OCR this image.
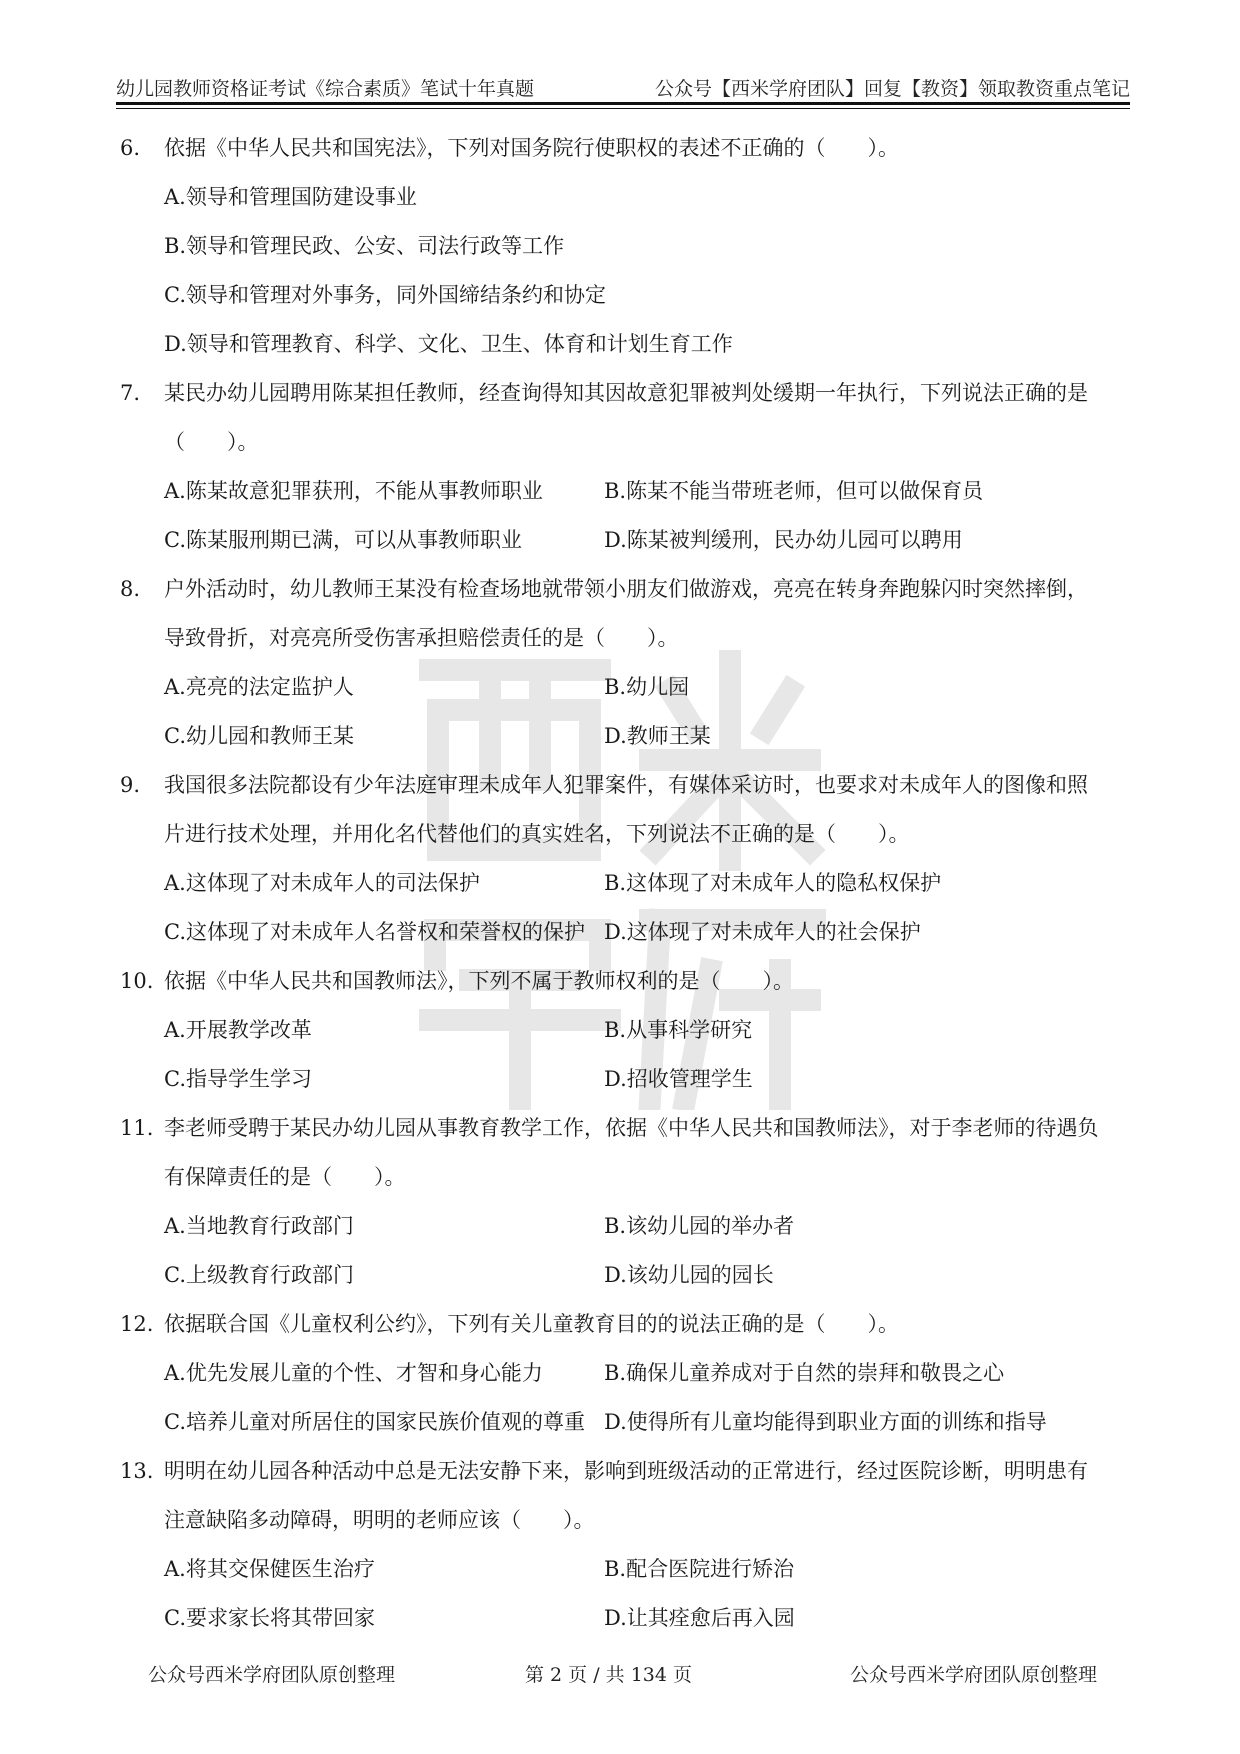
幼儿园教师资格证考试《综合素质》笔试十年真题	公众号【西米学府团队】回复【教资】领取教资重点笔记
6. 依据《中华人民共和国宪法》，下列对国务院行使职权的表述不正确的（　　）。
A.领导和管理国防建设事业
B.领导和管理民政、公安、司法行政等工作
C.领导和管理对外事务，同外国缔结条约和协定
D.领导和管理教育、科学、文化、卫生、体育和计划生育工作
7. 某民办幼儿园聘用陈某担任教师，经查询得知其因故意犯罪被判处缓期一年执行，下列说法正确的是
（　　）。
A.陈某故意犯罪获刑，不能从事教师职业	B.陈某不能当带班老师，但可以做保育员
C.陈某服刑期已满，可以从事教师职业	D.陈某被判缓刑，民办幼儿园可以聘用
8. 户外活动时，幼儿教师王某没有检查场地就带领小朋友们做游戏，亮亮在转身奔跑躲闪时突然摔倒，
导致骨折，对亮亮所受伤害承担赔偿责任的是（　　）。
A.亮亮的法定监护人	B.幼儿园
C.幼儿园和教师王某	D.教师王某
9. 我国很多法院都设有少年法庭审理未成年人犯罪案件，有媒体采访时，也要求对未成年人的图像和照
片进行技术处理，并用化名代替他们的真实姓名，下列说法不正确的是（　　）。
A.这体现了对未成年人的司法保护	B.这体现了对未成年人的隐私权保护
C.这体现了对未成年人名誉权和荣誉权的保护 D.这体现了对未成年人的社会保护
10. 依据《中华人民共和国教师法》，下列不属于教师权利的是（　　）。
A.开展教学改革	B.从事科学研究
C.指导学生学习	D.招收管理学生
11. 李老师受聘于某民办幼儿园从事教育教学工作，依据《中华人民共和国教师法》，对于李老师的待遇负
有保障责任的是（　　）。
A.当地教育行政部门	B.该幼儿园的举办者
C.上级教育行政部门	D.该幼儿园的园长
12. 依据联合国《儿童权利公约》，下列有关儿童教育目的的说法正确的是（　　）。
A.优先发展儿童的个性、才智和身心能力	B.确保儿童养成对于自然的崇拜和敬畏之心
C.培养儿童对所居住的国家民族价值观的尊重 D.使得所有儿童均能得到职业方面的训练和指导
13. 明明在幼儿园各种活动中总是无法安静下来，影响到班级活动的正常进行，经过医院诊断，明明患有
注意缺陷多动障碍，明明的老师应该（　　）。
A.将其交保健医生治疗	B.配合医院进行矫治
C.要求家长将其带回家	D.让其痊愈后再入园
公众号西米学府团队原创整理	第 2 页 / 共 134 页	公众号西米学府团队原创整理
